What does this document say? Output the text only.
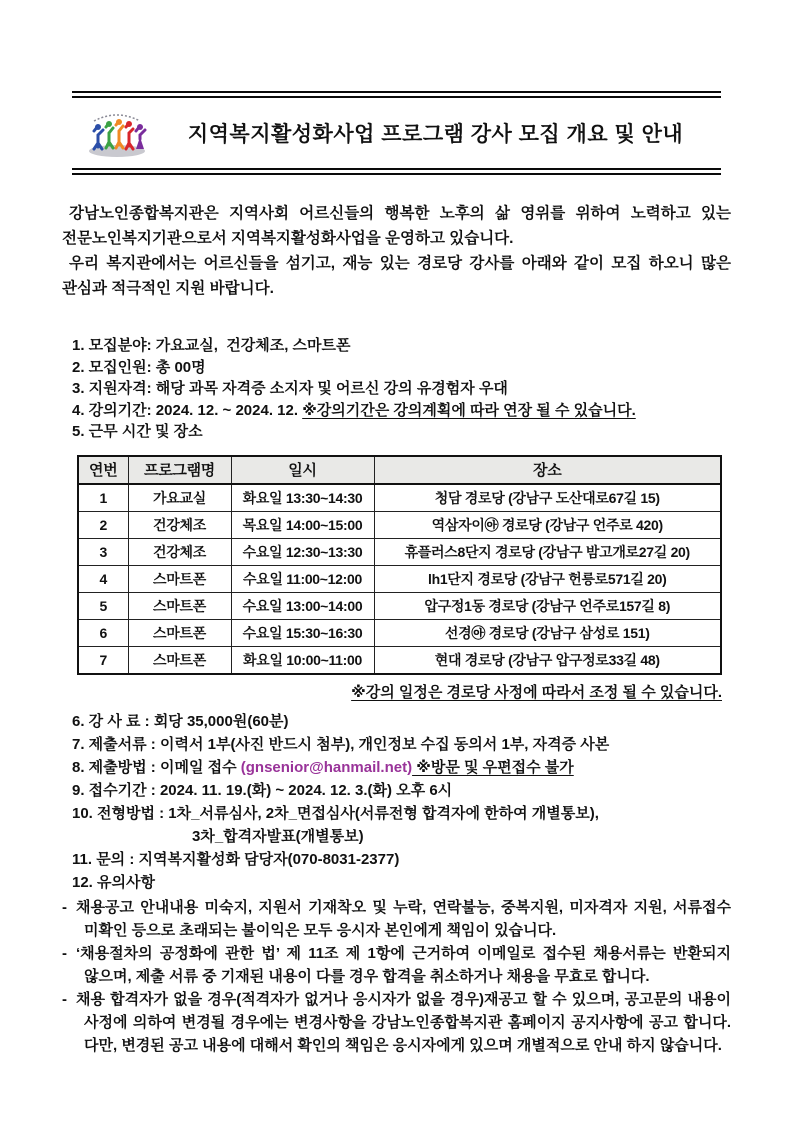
지역복지활성화사업 프로그램 강사 모집 개요 및 안내

강남노인종합복지관은 지역사회 어르신들의 행복한 노후의 삶 영위를 위하여 노력하고 있는 전문노인복지기관으로서 지역복지활성화사업을 운영하고 있습니다.

우리 복지관에서는 어르신들을 섬기고, 재능 있는 경로당 강사를 아래와 같이 모집 하오니 많은 관심과 적극적인 지원 바랍니다.

1. 모집분야: 가요교실,  건강체조, 스마트폰
2. 모집인원: 총 00명
3. 지원자격: 해당 과목 자격증 소지자 및 어르신 강의 유경험자 우대
4. 강의기간: 2024. 12. ~ 2024. 12. ※강의기간은 강의계획에 따라 연장 될 수 있습니다.
5. 근무 시간 및 장소
연번	프로그램명	일시	장소
1	가요교실	화요일 13:30~14:30	청담 경로당 (강남구 도산대로67길 15)
2	건강체조	목요일 14:00~15:00	역삼자이㉵ 경로당 (강남구 언주로 420)
3	건강체조	수요일 12:30~13:30	휴플러스8단지 경로당 (강남구 밤고개로27길 20)
4	스마트폰	수요일 11:00~12:00	lh1단지 경로당 (강남구 헌릉로571길 20)
5	스마트폰	수요일 13:00~14:00	압구정1동 경로당 (강남구 언주로157길 8)
6	스마트폰	수요일 15:30~16:30	선경㉵ 경로당 (강남구 삼성로 151)
7	스마트폰	화요일 10:00~11:00	현대 경로당 (강남구 압구정로33길 48)
※강의 일정은 경로당 사정에 따라서 조정 될 수 있습니다.
6. 강 사 료 : 회당 35,000원(60분)
7. 제출서류 : 이력서 1부(사진 반드시 첨부), 개인정보 수집 동의서 1부, 자격증 사본
8. 제출방법 : 이메일 접수 (gnsenior@hanmail.net) ※방문 및 우편접수 불가
9. 접수기간 : 2024. 11. 19.(화) ~ 2024. 12. 3.(화) 오후 6시
10. 전형방법 : 1차_서류심사, 2차_면접심사(서류전형 합격자에 한하여 개별통보),
3차_합격자발표(개별통보)
11. 문의 : 지역복지활성화 담당자(070-8031-2377)
12. 유의사항

- 채용공고 안내내용 미숙지, 지원서 기재착오 및 누락, 연락불능, 중복지원, 미자격자 지원, 서류접수 미확인 등으로 초래되는 불이익은 모두 응시자 본인에게 책임이 있습니다.

- ‘채용절차의 공정화에 관한 법’ 제 11조 제 1항에 근거하여 이메일로 접수된 채용서류는 반환되지 않으며, 제출 서류 중 기재된 내용이 다를 경우 합격을 취소하거나 채용을 무효로 합니다.

- 채용 합격자가 없을 경우(적격자가 없거나 응시자가 없을 경우)재공고 할 수 있으며, 공고문의 내용이 사정에 의하여 변경될 경우에는 변경사항을 강남노인종합복지관 홈페이지 공지사항에 공고 합니다. 다만, 변경된 공고 내용에 대해서 확인의 책임은 응시자에게 있으며 개별적으로 안내 하지 않습니다.
